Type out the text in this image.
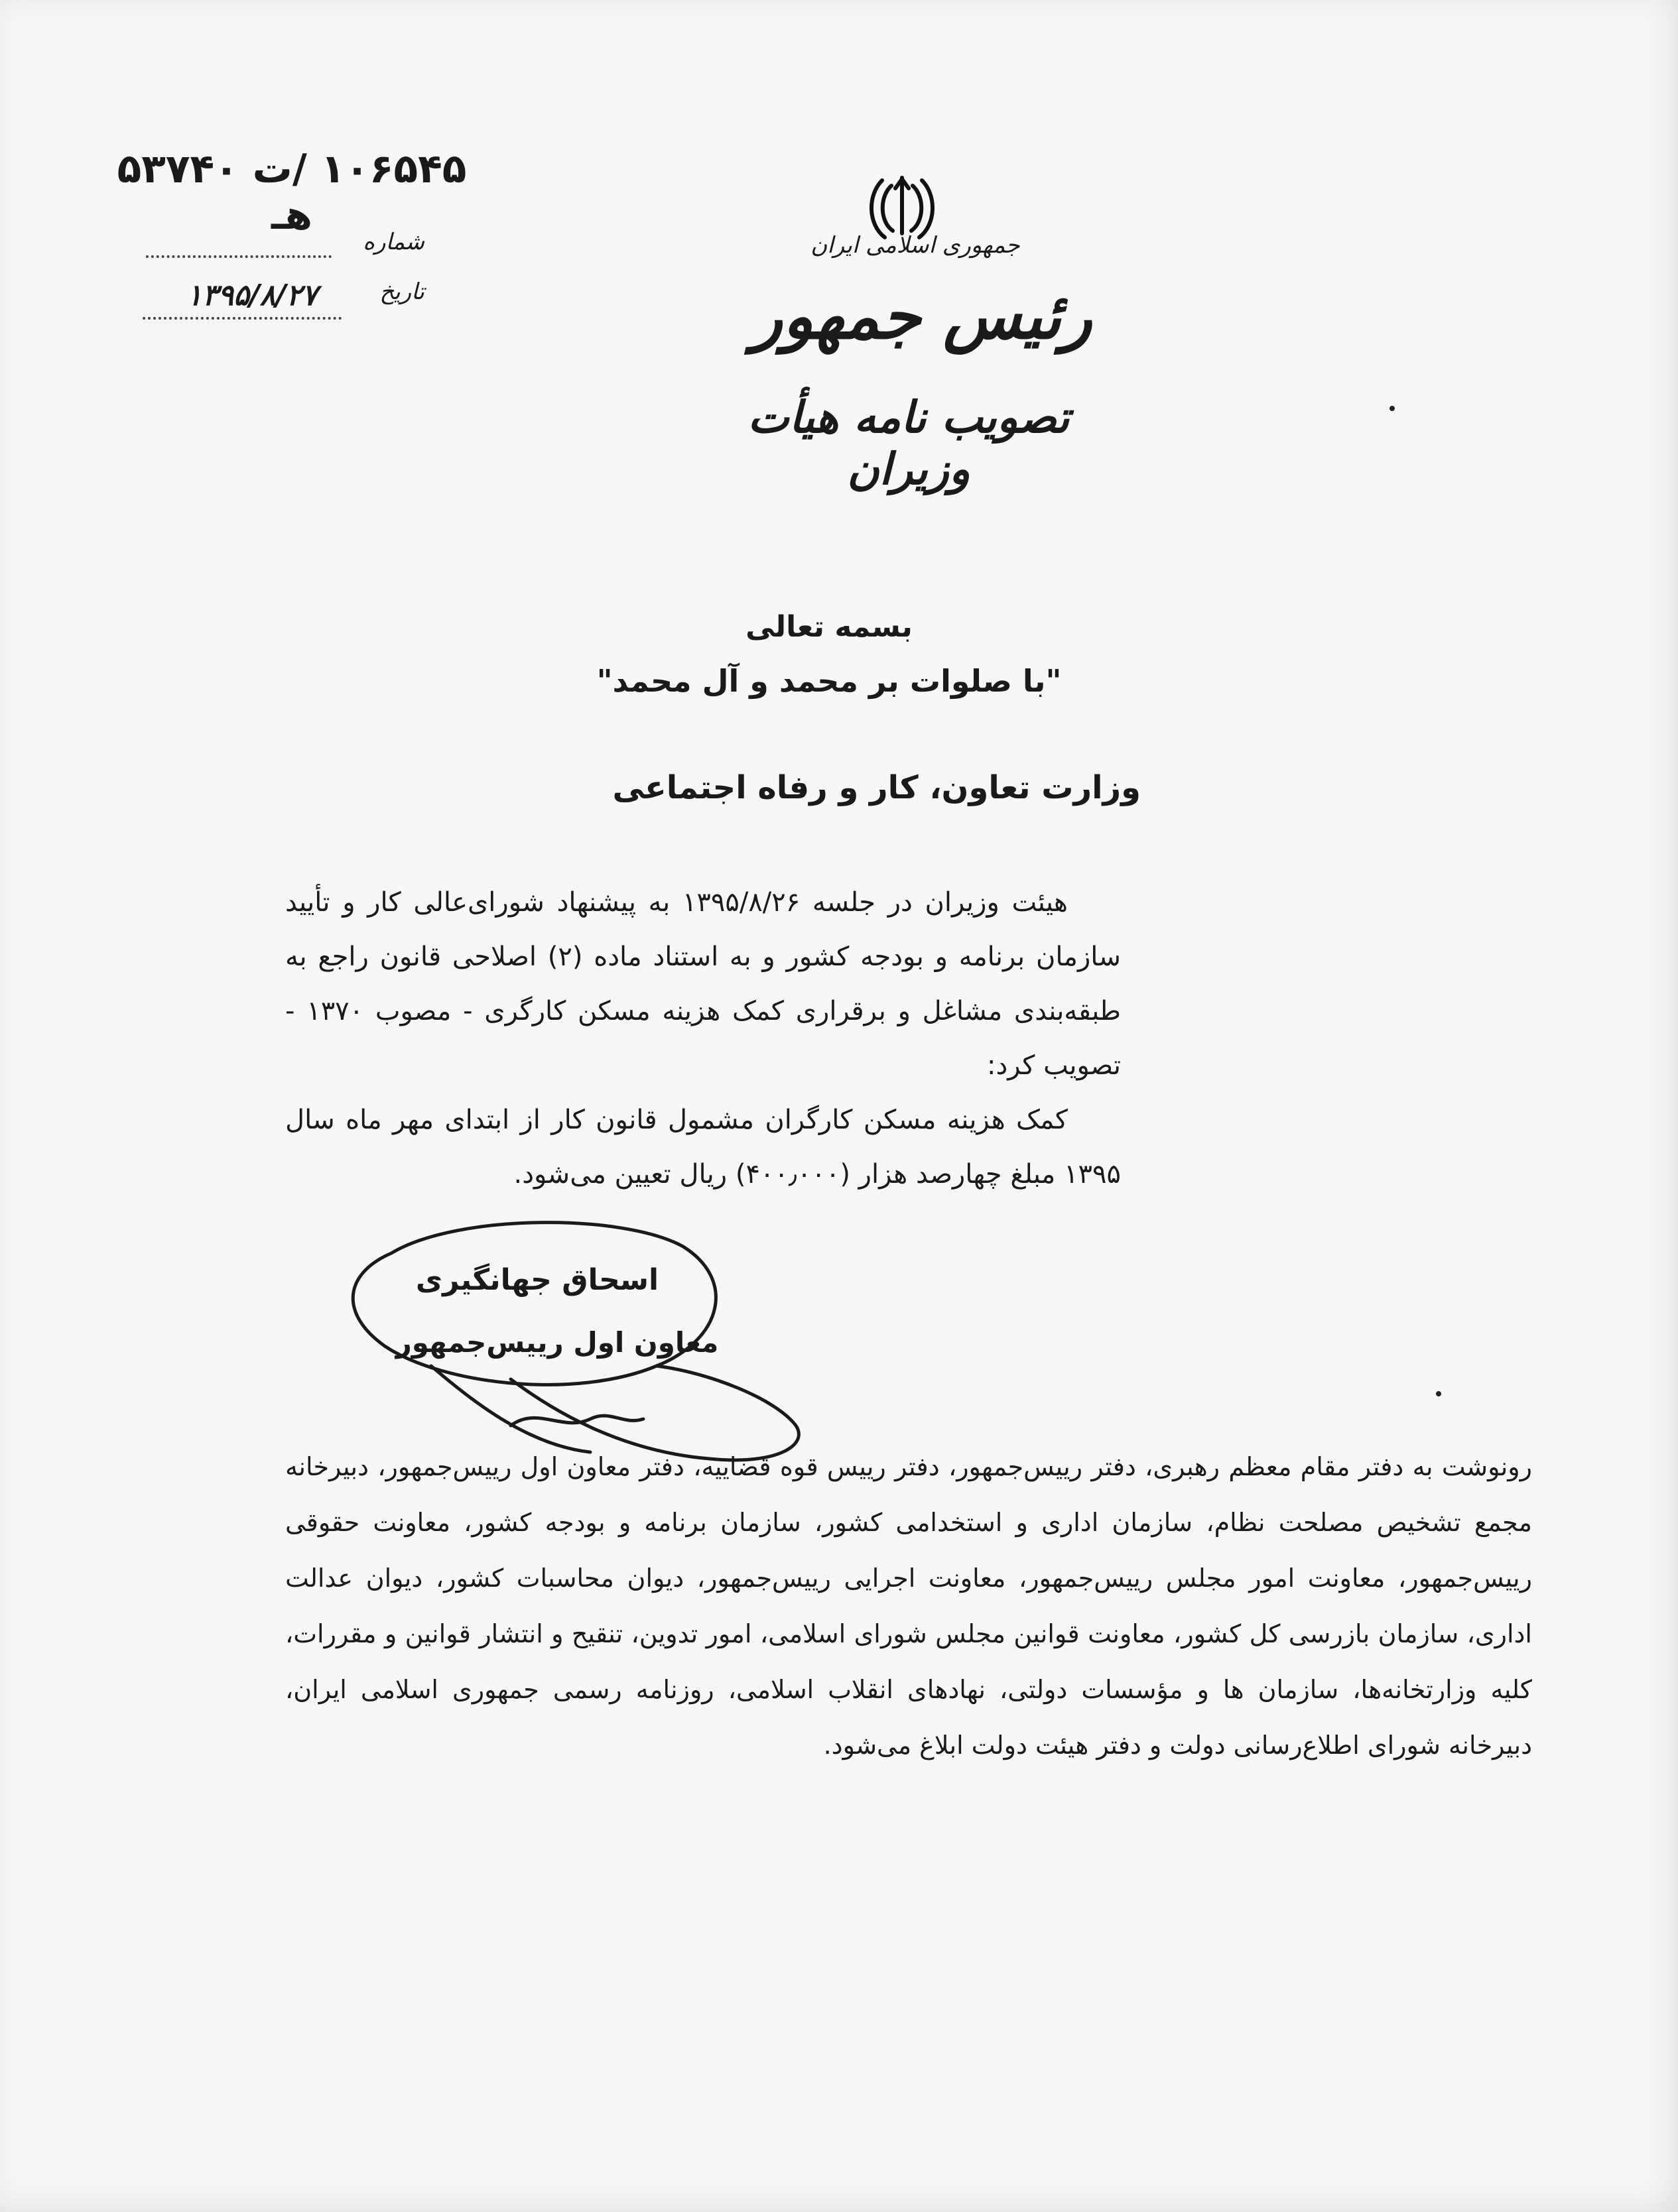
جمهوری اسلامی ایران
رئیس جمهور
تصویب نامه هیأت وزیران
۱۰۶۵۴۵ /ت ۵۳۷۴۰ هـ
شماره
تاریخ
۱۳۹۵/۸/۲۷
بسمه تعالی
"با صلوات بر محمد و آل محمد"
وزارت تعاون، کار و رفاه اجتماعی

هیئت وزیران در جلسه ۱۳۹۵/۸/۲۶ به پیشنهاد شورای‌عالی کار و تأیید سازمان برنامه و بودجه کشور و به استناد ماده (۲) اصلاحی قانون راجع به طبقه‌بندی مشاغل و برقراری کمک هزینه مسکن کارگری - مصوب ۱۳۷۰ - تصویب کرد:

کمک هزینه مسکن کارگران مشمول قانون کار از ابتدای مهر ماه سال ۱۳۹۵ مبلغ چهارصد هزار (۴۰۰٫۰۰۰) ریال تعیین می‌شود.

اسحاق جهانگیری
معاون اول رییس‌جمهور
رونوشت به دفتر مقام معظم رهبری، دفتر رییس‌جمهور، دفتر رییس قوه قضاییه، دفتر معاون اول رییس‌جمهور، دبیرخانه مجمع تشخیص مصلحت نظام، سازمان اداری و استخدامی کشور، سازمان برنامه و بودجه کشور، معاونت حقوقی رییس‌جمهور، معاونت امور مجلس رییس‌جمهور، معاونت اجرایی رییس‌جمهور، دیوان محاسبات کشور، دیوان عدالت اداری، سازمان بازرسی کل کشور، معاونت قوانین مجلس شورای اسلامی، امور تدوین، تنقیح و انتشار قوانین و مقررات، کلیه وزارتخانه‌ها، سازمان ها و مؤسسات دولتی، نهادهای انقلاب اسلامی، روزنامه رسمی جمهوری اسلامی ایران، دبیرخانه شورای اطلاع‌رسانی دولت و دفتر هیئت دولت ابلاغ می‌شود.
